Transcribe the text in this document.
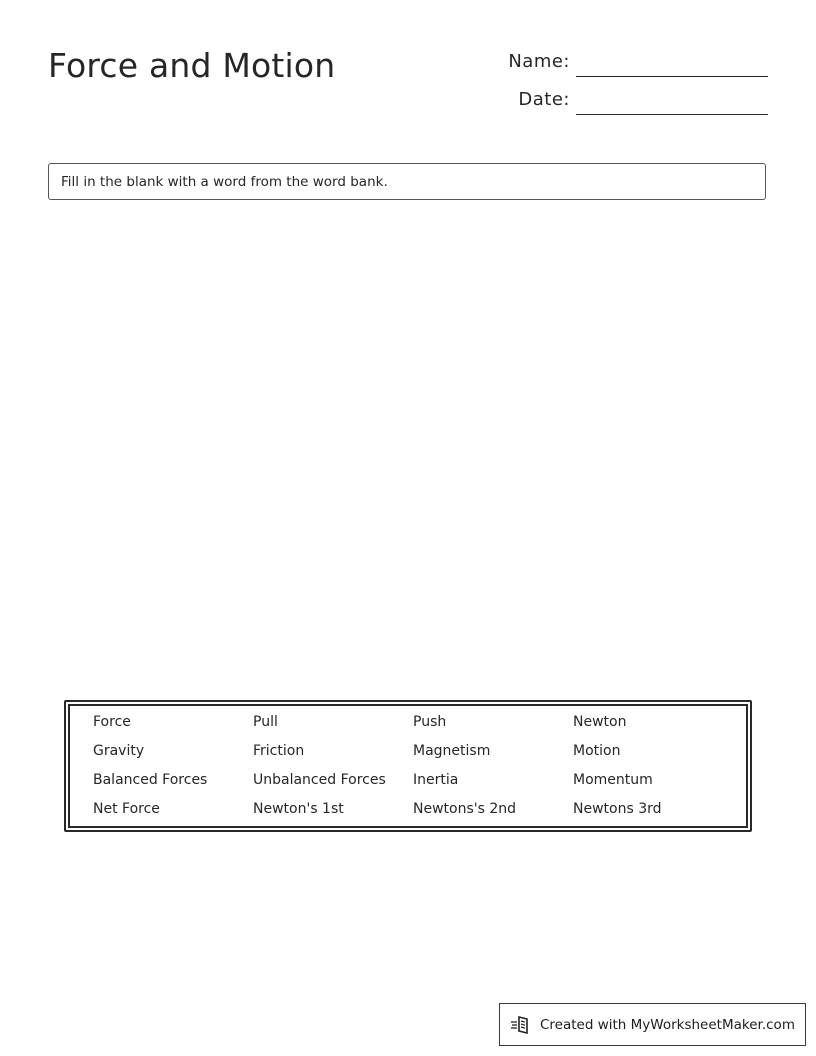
Force and Motion	Name:
Date:
Fill in the blank with a word from the word bank.
Force	Pull	Push	Newton
Gravity	Friction	Magnetism	Motion
Balanced Forces	Unbalanced Forces	Inertia	Momentum
Net Force	Newton's 1st	Newtons's 2nd	Newtons 3rd
Created with MyWorksheetMaker.com
